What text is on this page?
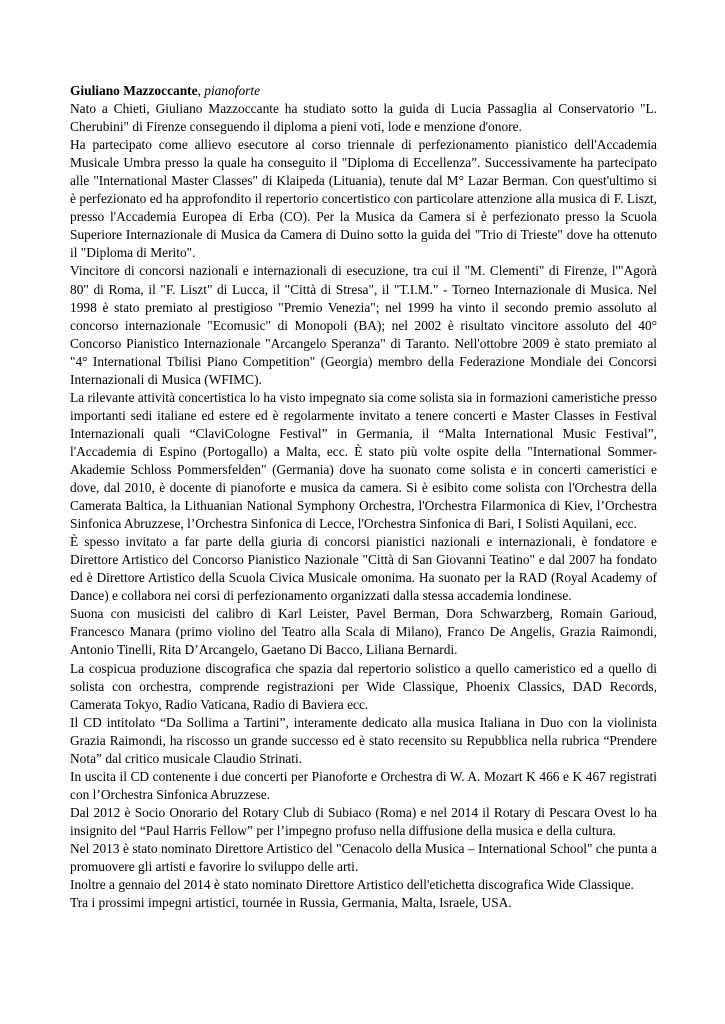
Giuliano Mazzoccante, pianoforte

Nato a Chieti, Giuliano Mazzoccante ha studiato sotto la guida di Lucia Passaglia al Conservatorio "L. Cherubini" di Firenze conseguendo il diploma a pieni voti, lode e menzione d'onore.

Ha partecipato come allievo esecutore al corso triennale di perfezionamento pianistico dell'Accademia Musicale Umbra presso la quale ha conseguito il "Diploma di Eccellenza”. Successivamente ha partecipato alle "International Master Classes" di Klaipeda (Lituania), tenute dal M° Lazar Berman. Con quest'ultimo si è perfezionato ed ha approfondito il repertorio concertistico con particolare attenzione alla musica di F. Liszt, presso l'Accademia Europea di Erba (CO). Per la Musica da Camera si è perfezionato presso la Scuola Superiore Internazionale di Musica da Camera di Duino sotto la guida del "Trio di Trieste" dove ha ottenuto il "Diploma di Merito".

Vincitore di concorsi nazionali e internazionali di esecuzione, tra cui il "M. Clementi" di Firenze, l'"Agorà 80" di Roma, il "F. Liszt" di Lucca, il "Città di Stresa", il "T.I.M." - Torneo Internazionale di Musica. Nel 1998 è stato premiato al prestigioso "Premio Venezia"; nel 1999 ha vinto il secondo premio assoluto al concorso internazionale "Ecomusic" di Monopoli (BA); nel 2002 è risultato vincitore assoluto del 40° Concorso Pianistico Internazionale "Arcangelo Speranza" di Taranto. Nell'ottobre 2009 è stato premiato al "4° International Tbilisi Piano Competition" (Georgia) membro della Federazione Mondiale dei Concorsi Internazionali di Musica (WFIMC).

La rilevante attività concertistica lo ha visto impegnato sia come solista sia in formazioni cameristiche presso importanti sedi italiane ed estere ed è regolarmente invitato a tenere concerti e Master Classes in Festival Internazionali quali “ClaviCologne Festival” in Germania, il “Malta International Music Festival”, l'Accademia di Espino (Portogallo) a Malta, ecc. È stato più volte ospite della "International Sommer-Akademie Schloss Pommersfelden" (Germania) dove ha suonato come solista e in concerti cameristici e dove, dal 2010, è docente di pianoforte e musica da camera. Si è esibito come solista con l'Orchestra della Camerata Baltica, la Lithuanian National Symphony Orchestra, l'Orchestra Filarmonica di Kiev, l’Orchestra Sinfonica Abruzzese, l’Orchestra Sinfonica di Lecce, l'Orchestra Sinfonica di Bari, I Solisti Aquilani, ecc.

È spesso invitato a far parte della giuria di concorsi pianistici nazionali e internazionali, è fondatore e Direttore Artistico del Concorso Pianistico Nazionale "Città di San Giovanni Teatino" e dal 2007 ha fondato ed è Direttore Artistico della Scuola Civica Musicale omonima. Ha suonato per la RAD (Royal Academy of Dance) e collabora nei corsi di perfezionamento organizzati dalla stessa accademia londinese.

Suona con musicisti del calibro di Karl Leister, Pavel Berman, Dora Schwarzberg, Romain Garioud, Francesco Manara (primo violino del Teatro alla Scala di Milano), Franco De Angelis, Grazia Raimondi, Antonio Tinelli, Rita D’Arcangelo, Gaetano Di Bacco, Liliana Bernardi.

La cospicua produzione discografica che spazia dal repertorio solistico a quello cameristico ed a quello di solista con orchestra, comprende registrazioni per Wide Classique, Phoenix Classics, DAD Records, Camerata Tokyo, Radio Vaticana, Radio di Baviera ecc.

Il CD intitolato “Da Sollima a Tartini”, interamente dedicato alla musica Italiana in Duo con la violinista Grazia Raimondi, ha riscosso un grande successo ed è stato recensito su Repubblica nella rubrica “Prendere Nota” dal critico musicale Claudio Strinati.

In uscita il CD contenente i due concerti per Pianoforte e Orchestra di W. A. Mozart K 466 e K 467 registrati con l’Orchestra Sinfonica Abruzzese.

Dal 2012 è Socio Onorario del Rotary Club di Subiaco (Roma) e nel 2014 il Rotary di Pescara Ovest lo ha insignito del “Paul Harris Fellow” per l’impegno profuso nella diffusione della musica e della cultura.

Nel 2013 è stato nominato Direttore Artistico del "Cenacolo della Musica – International School" che punta a promuovere gli artisti e favorire lo sviluppo delle arti.

Inoltre a gennaio del 2014 è stato nominato Direttore Artistico dell'etichetta discografica Wide Classique.

Tra i prossimi impegni artistici, tournée in Russia, Germania, Malta, Israele, USA.
